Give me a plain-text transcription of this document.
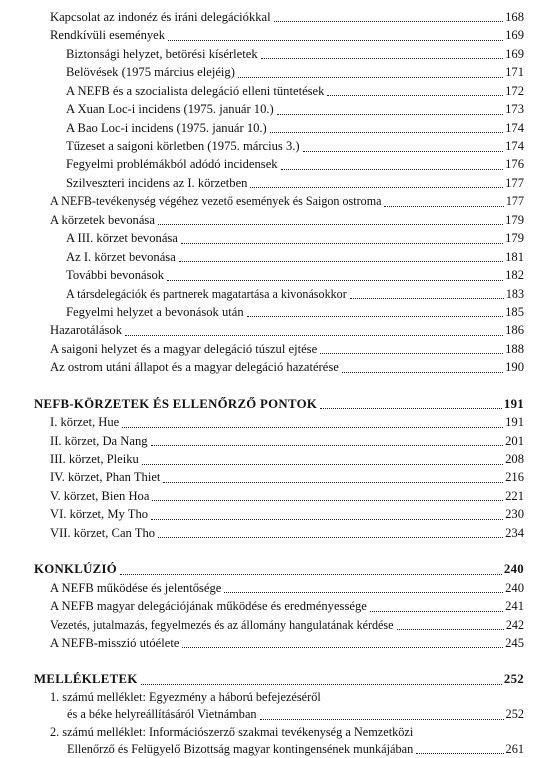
Kapcsolat az indonéz és iráni delegációkkal	168
Rendkívüli események	169
Biztonsági helyzet, betörési kísérletek	169
Belövések (1975 március elejéig)	171
A NEFB és a szocialista delegáció elleni tüntetések	172
A Xuan Loc-i incidens (1975. január 10.)	173
A Bao Loc-i incidens (1975. január 10.)	174
Tűzeset a saigoni körletben (1975. március 3.)	174
Fegyelmi problémákból adódó incidensek	176
Szilveszteri incidens az I. körzetben	177
A NEFB-tevékenység végéhez vezető események és Saigon ostroma	177
A körzetek bevonása	179
A III. körzet bevonása	179
Az I. körzet bevonása	181
További bevonások	182
A társdelegációk és partnerek magatartása a kivonásokkor	183
Fegyelmi helyzet a bevonások után	185
Hazarotálások	186
A saigoni helyzet és a magyar delegáció túszul ejtése	188
Az ostrom utáni állapot és a magyar delegáció hazatérése	190
NEFB-KÖRZETEK ÉS ELLENŐRZŐ PONTOK	191
I. körzet, Hue	191
II. körzet, Da Nang	201
III. körzet, Pleiku	208
IV. körzet, Phan Thiet	216
V. körzet, Bien Hoa	221
VI. körzet, My Tho	230
VII. körzet, Can Tho	234
KONKLÚZIÓ	240
A NEFB működése és jelentősége	240
A NEFB magyar delegációjának működése és eredményessége	241
Vezetés, jutalmazás, fegyelmezés és az állomány hangulatának kérdése	242
A NEFB-misszió utóélete	245
MELLÉKLETEK	252
1. számú melléklet: Egyezmény a háború befejezéséről
és a béke helyreállításáról Vietnámban	252
2. számú melléklet: Információszerző szakmai tevékenység a Nemzetközi
Ellenőrző és Felügyelő Bizottság magyar kontingensének munkájában	261
